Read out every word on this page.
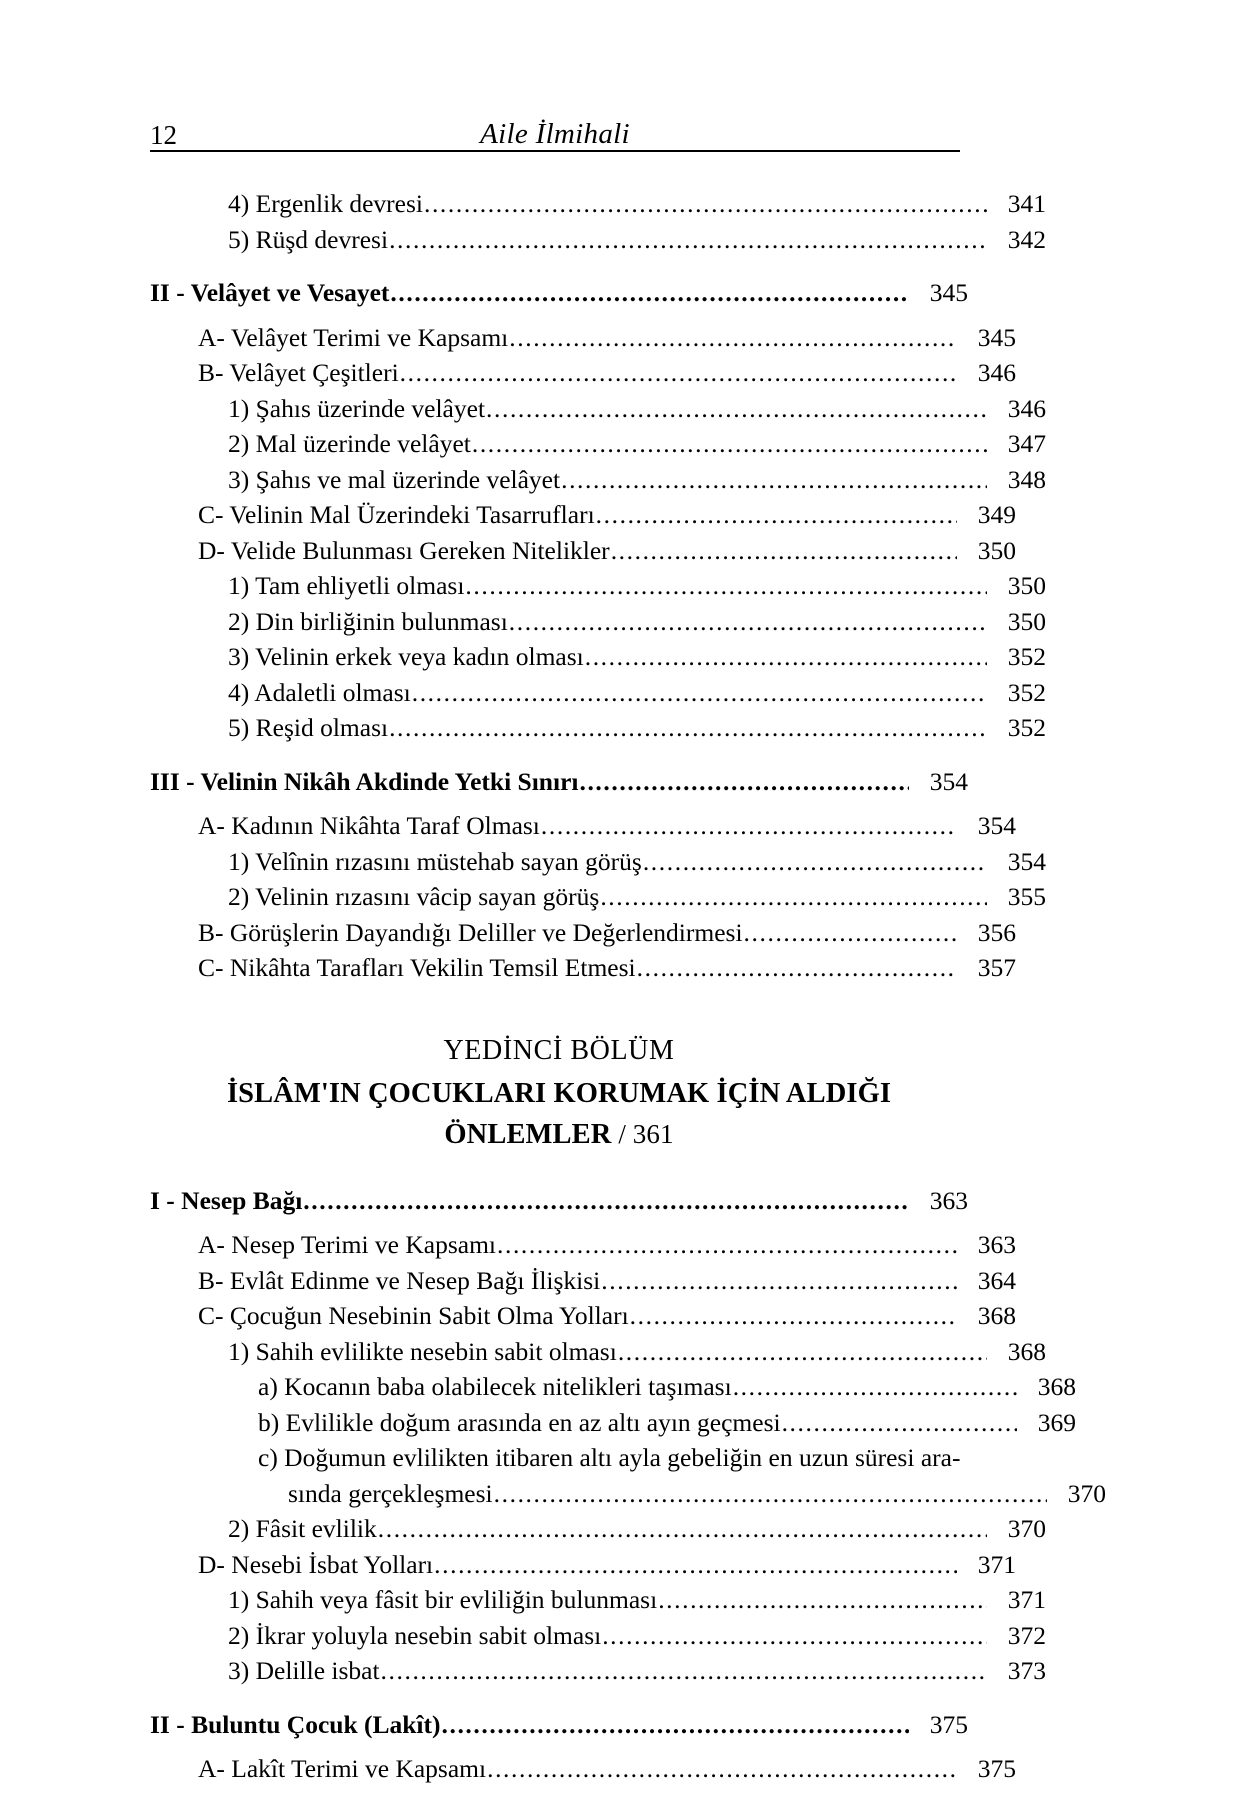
12	Aile İlmihali
4) Ergenlik devresi .....	341
5) Rüşd devresi .....	342
II - Velâyet ve Vesayet .....	345
A- Velâyet Terimi ve Kapsamı .....	345
B- Velâyet Çeşitleri .....	346
1) Şahıs üzerinde velâyet .....	346
2) Mal üzerinde velâyet .....	347
3) Şahıs ve mal üzerinde velâyet .....	348
C- Velinin Mal Üzerindeki Tasarrufları .....	349
D- Velide Bulunması Gereken Nitelikler .....	350
1) Tam ehliyetli olması .....	350
2) Din birliğinin bulunması .....	350
3) Velinin erkek veya kadın olması .....	352
4) Adaletli olması .....	352
5) Reşid olması .....	352
III - Velinin Nikâh Akdinde Yetki Sınırı .....	354
A- Kadının Nikâhta Taraf Olması .....	354
1) Velînin rızasını müstehab sayan görüş .....	354
2) Velinin rızasını vâcip sayan görüş .....	355
B- Görüşlerin Dayandığı Deliller ve Değerlendirmesi .....	356
C- Nikâhta Tarafları Vekilin Temsil Etmesi .....	357
YEDİNCİ BÖLÜM
İSLÂM'IN ÇOCUKLARI KORUMAK İÇİN ALDIĞI ÖNLEMLER / 361
I - Nesep Bağı .....	363
A- Nesep Terimi ve Kapsamı .....	363
B- Evlât Edinme ve Nesep Bağı İlişkisi .....	364
C- Çocuğun Nesebinin Sabit Olma Yolları .....	368
1) Sahih evlilikte nesebin sabit olması .....	368
a) Kocanın baba olabilecek nitelikleri taşıması .....	368
b) Evlilikle doğum arasında en az altı ayın geçmesi .....	369
c) Doğumun evlilikten itibaren altı ayla gebeliğin en uzun süresi ara-
sında gerçekleşmesi .....	370
2) Fâsit evlilik .....	370
D- Nesebi İsbat Yolları .....	371
1) Sahih veya fâsit bir evliliğin bulunması .....	371
2) İkrar yoluyla nesebin sabit olması .....	372
3) Delille isbat .....	373
II - Buluntu Çocuk (Lakît) .....	375
A- Lakît Terimi ve Kapsamı .....	375
